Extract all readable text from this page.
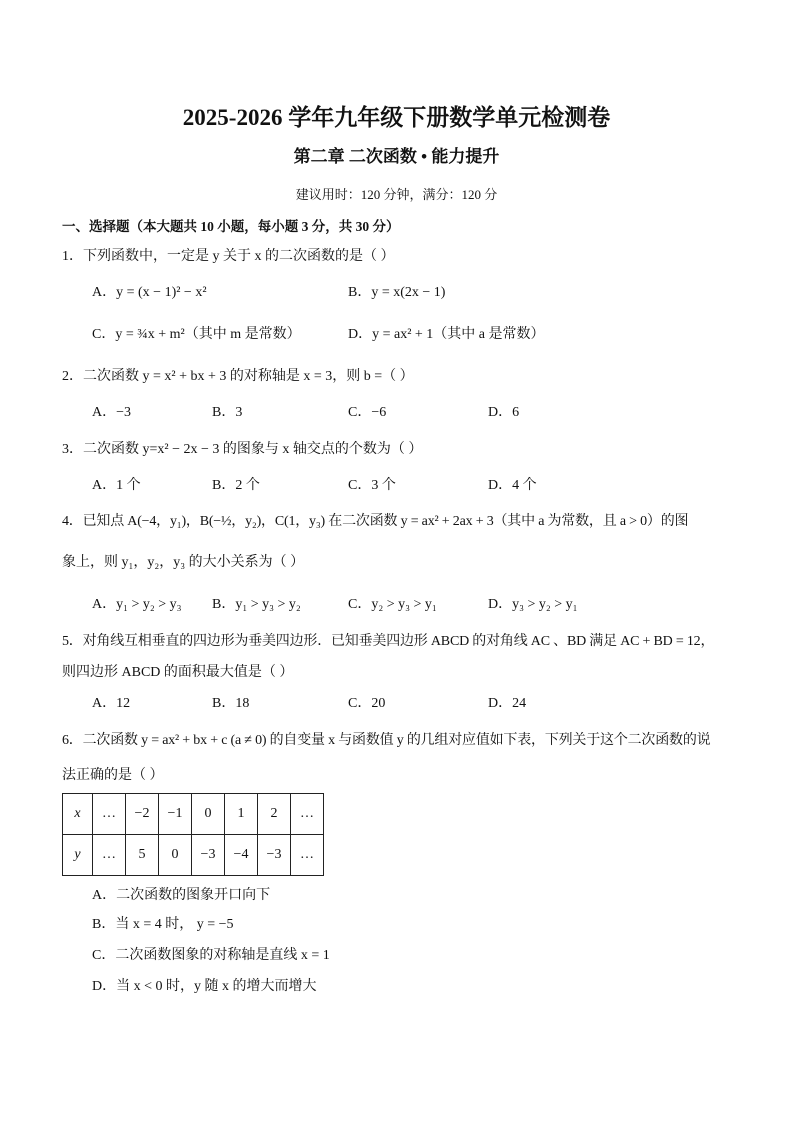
2025-2026 学年九年级下册数学单元检测卷
第二章 二次函数 • 能力提升
建议用时：120 分钟，满分：120 分
一、选择题（本大题共 10 小题，每小题 3 分，共 30 分）
1．下列函数中，一定是 y 关于 x 的二次函数的是（ ）
A．y = (x − 1)² − x²	B．y = x(2x − 1)
C．y = ¾x + m²（其中 m 是常数）	D．y = ax² + 1（其中 a 是常数）
2．二次函数 y = x² + bx + 3 的对称轴是 x = 3，则 b =（ ）
A．−3	B．3	C．−6	D．6
3．二次函数 y=x² − 2x − 3 的图象与 x 轴交点的个数为（ ）
A．1 个	B．2 个	C．3 个	D．4 个
4．已知点 A(−4，y₁)，B(−½，y₂)，C(1，y₃) 在二次函数 y = ax² + 2ax + 3（其中 a 为常数，且 a > 0）的图
象上，则 y₁，y₂，y₃ 的大小关系为（ ）
A．y₁ > y₂ > y₃ B．y₁ > y₃ > y₂	C．y₂ > y₃ > y₁	D．y₃ > y₂ > y₁
5．对角线互相垂直的四边形为垂美四边形．已知垂美四边形 ABCD 的对角线 AC 、BD 满足 AC + BD = 12，
则四边形 ABCD 的面积最大值是（ ）
A．12	B．18	C．20	D．24
6．二次函数 y = ax² + bx + c (a ≠ 0) 的自变量 x 与函数值 y 的几组对应值如下表，下列关于这个二次函数的说
法正确的是（ ）
x	…	−2	−1	0	1	2	…
y	…	5	0	−3	−4	−3	…
A．二次函数的图象开口向下
B．当 x = 4 时， y = −5
C．二次函数图象的对称轴是直线 x = 1
D．当 x < 0 时，y 随 x 的增大而增大
